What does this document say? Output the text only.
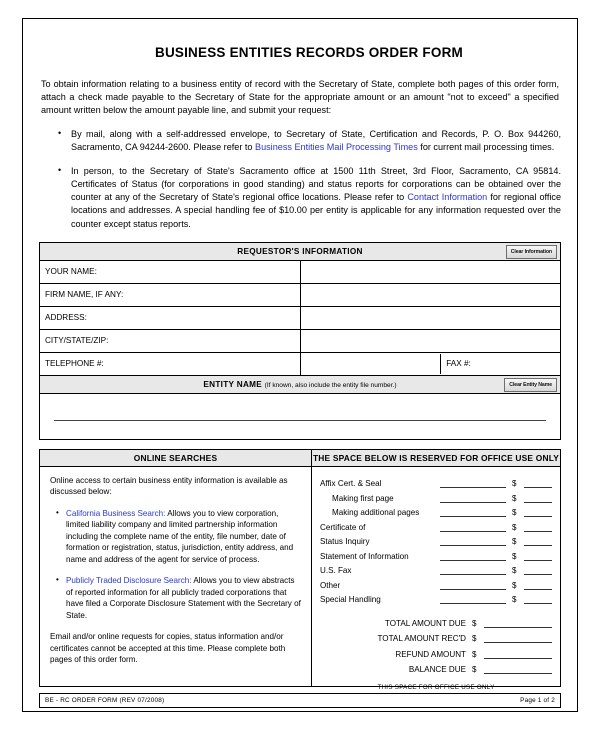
BUSINESS ENTITIES RECORDS ORDER FORM
To obtain information relating to a business entity of record with the Secretary of State, complete both pages of this order form, attach a check made payable to the Secretary of State for the appropriate amount or an amount "not to exceed" a specified amount written below the amount payable line, and submit your request:
• By mail, along with a self-addressed envelope, to Secretary of State, Certification and Records, P. O. Box 944260, Sacramento, CA 94244-2600. Please refer to Business Entities Mail Processing Times for current mail processing times.
• In person, to the Secretary of State's Sacramento office at 1500 11th Street, 3rd Floor, Sacramento, CA 95814. Certificates of Status (for corporations in good standing) and status reports for corporations can be obtained over the counter at any of the Secretary of State's regional office locations. Please refer to Contact Information for regional office locations and addresses. A special handling fee of $10.00 per entity is applicable for any information requested over the counter except status reports.
REQUESTOR'S INFORMATION	Clear Information

YOUR NAME:	
FIRM NAME, IF ANY:	
ADDRESS:	
CITY/STATE/ZIP:	
TELEPHONE #:	
		FAX #:

ENTITY NAME (If known, also include the entity file number.)	Clear Entity Name
ONLINE SEARCHES

Online access to certain business entity information is available as discussed below:

• California Business Search: Allows you to view corporation, limited liability company and limited partnership information including the complete name of the entity, file number, date of formation or registration, status, jurisdiction, entity address, and name and address of the agent for service of process.
• Publicly Traded Disclosure Search: Allows you to view abstracts of reported information for all publicly traded corporations that have filed a Corporate Disclosure Statement with the Secretary of State.

Email and/or online requests for copies, status information and/or certificates cannot be accepted at this time. Please complete both pages of this order form.

THE SPACE BELOW IS RESERVED FOR OFFICE USE ONLY
Affix Cert. & Seal		$	

Making first page		$	

Making additional pages		$	

Certificate of		$	

Status Inquiry		$	

Statement of Information		$	

U.S. Fax		$	

Other		$	

Special Handling		$	
TOTAL AMOUNT DUE	$	

TOTAL AMOUNT REC'D	$	

REFUND AMOUNT	$	

BALANCE DUE	$	
THIS SPACE FOR OFFICE USE ONLY
BE - RC ORDER FORM (REV 07/2008)	Page 1 of 2
